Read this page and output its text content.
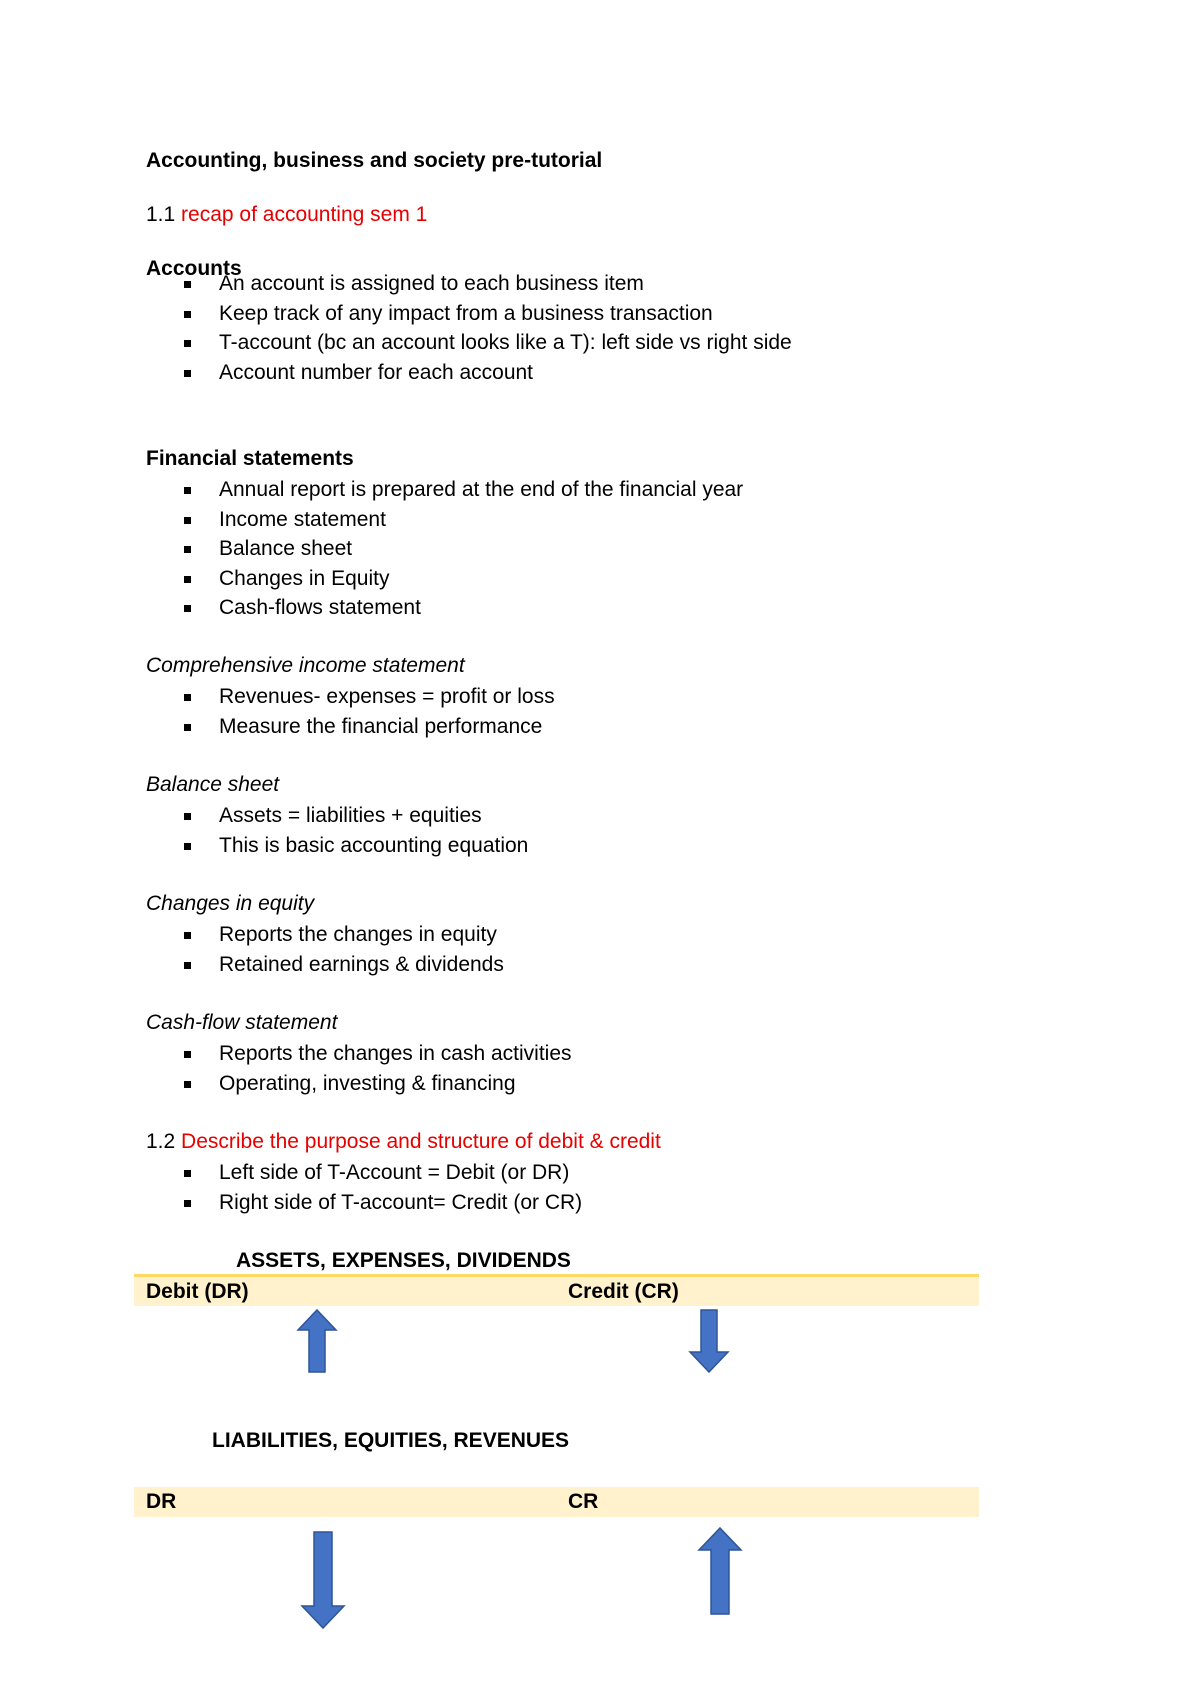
Accounting, business and society pre-tutorial
1.1 recap of accounting sem 1
Accounts
An account is assigned to each business item
Keep track of any impact from a business transaction
T-account (bc an account looks like a T): left side vs right side
Account number for each account
Financial statements
Annual report is prepared at the end of the financial year
Income statement
Balance sheet
Changes in Equity
Cash-flows statement
Comprehensive income statement
Revenues- expenses = profit or loss
Measure the financial performance
Balance sheet
Assets = liabilities + equities
This is basic accounting equation
Changes in equity
Reports the changes in equity
Retained earnings & dividends
Cash-flow statement
Reports the changes in cash activities
Operating, investing & financing
1.2 Describe the purpose and structure of debit & credit
Left side of T-Account = Debit (or DR)
Right side of T-account= Credit (or CR)
ASSETS, EXPENSES, DIVIDENDS
Debit (DR)	Credit (CR)
LIABILITIES, EQUITIES, REVENUES
DR	CR
